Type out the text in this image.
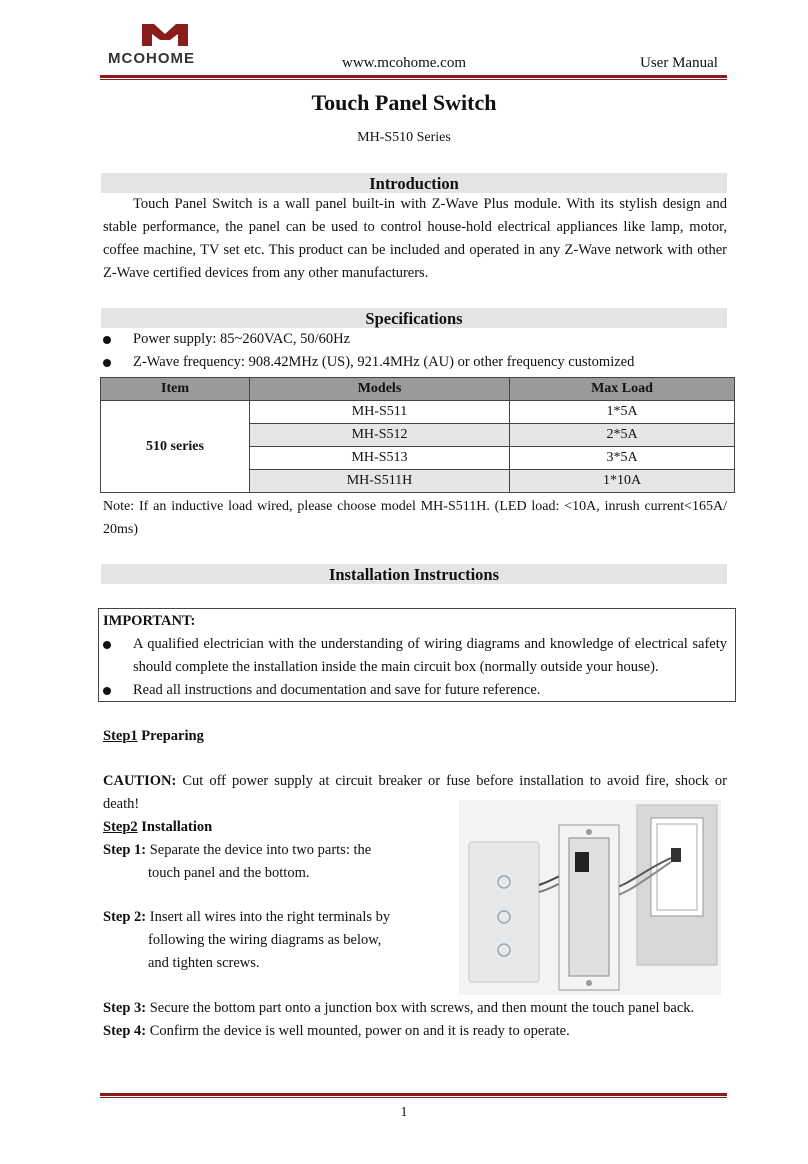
MCOHOME	www.mcohome.com	User Manual
Touch Panel Switch
MH-S510 Series
Introduction
Touch Panel Switch is a wall panel built-in with Z-Wave Plus module. With its stylish design and stable performance, the panel can be used to control house-hold electrical appliances like lamp, motor, coffee machine, TV set etc. This product can be included and operated in any Z-Wave network with other Z-Wave certified devices from any other manufacturers.
Specifications
Power supply: 85~260VAC, 50/60Hz
Z-Wave frequency: 908.42MHz (US), 921.4MHz (AU) or other frequency customized
Item	Models	Max Load
510 series	MH-S511	1*5A
	MH-S512	2*5A
	MH-S513	3*5A
	MH-S511H	1*10A
Note: If an inductive load wired, please choose model MH-S511H. (LED load: <10A, inrush current<165A/ 20ms)
Installation Instructions
IMPORTANT:
A qualified electrician with the understanding of wiring diagrams and knowledge of electrical safety should complete the installation inside the main circuit box (normally outside your house).
Read all instructions and documentation and save for future reference.
Step1 Preparing
CAUTION: Cut off power supply at circuit breaker or fuse before installation to avoid fire, shock or death!
Step2 Installation
Step 1: Separate the device into two parts: the
touch panel and the bottom.
Step 2: Insert all wires into the right terminals by
following the wiring diagrams as below,
and tighten screws.
Step 3: Secure the bottom part onto a junction box with screws, and then mount the touch panel back.
Step 4: Confirm the device is well mounted, power on and it is ready to operate.
1
